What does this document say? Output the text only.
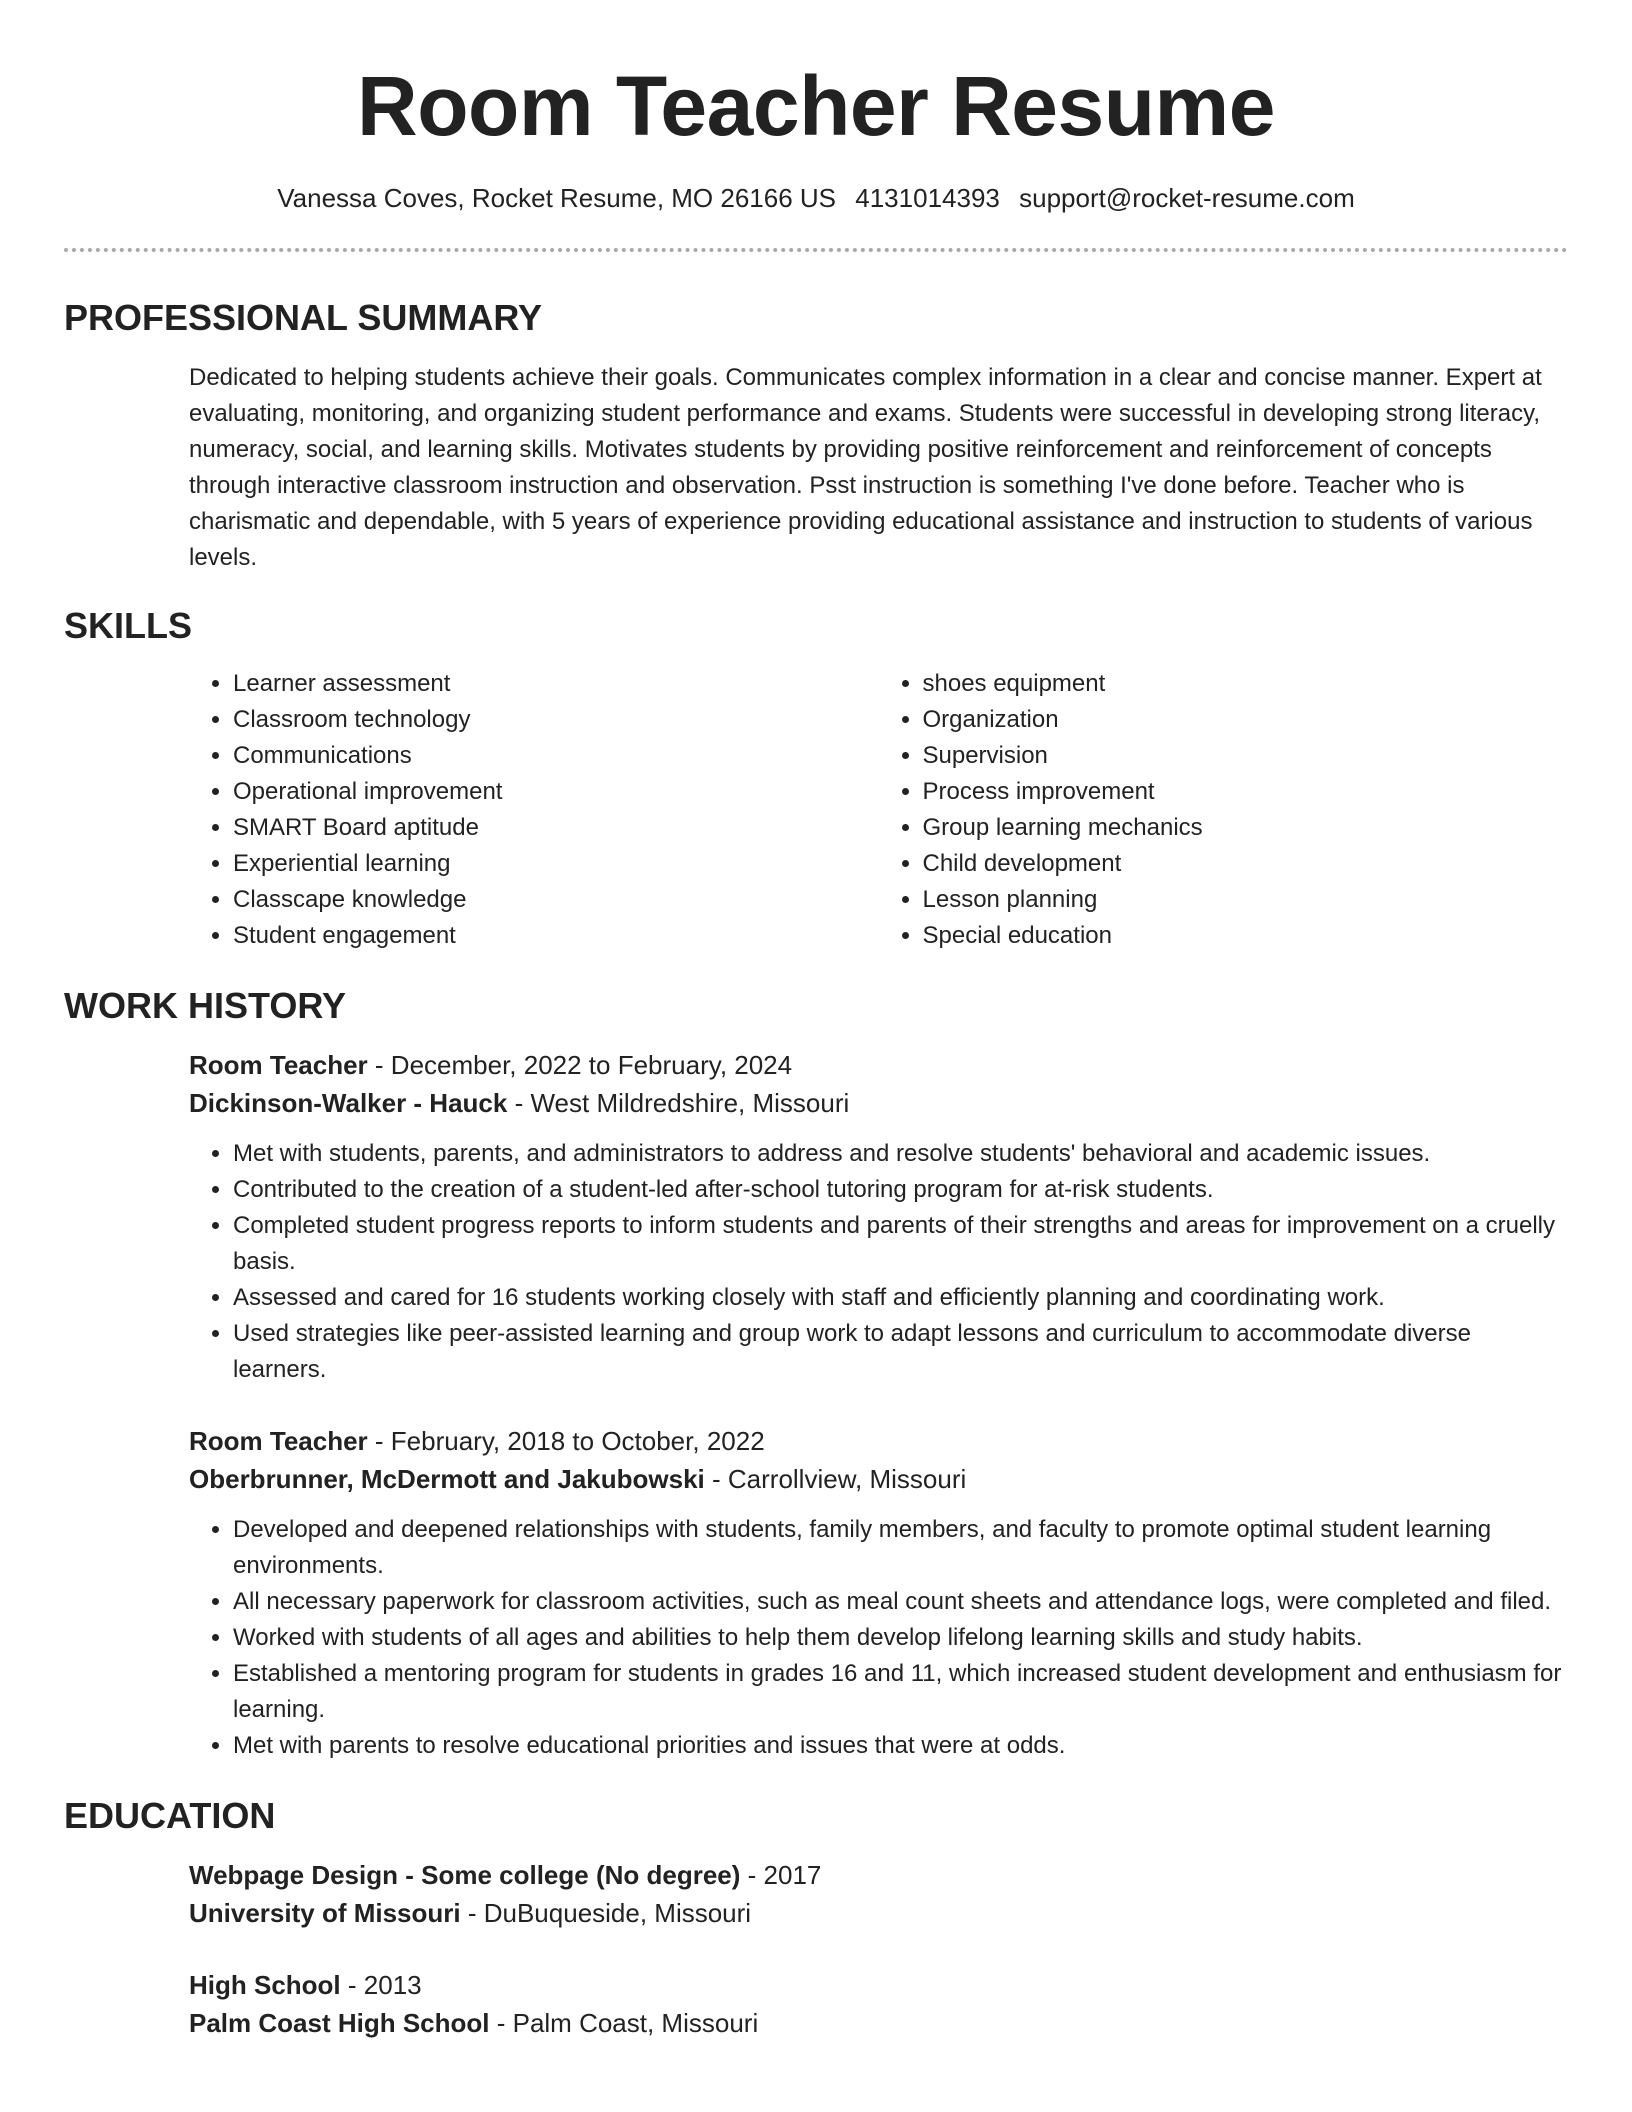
Room Teacher Resume
Vanessa Coves, Rocket Resume, MO 26166 US 4131014393 support@rocket-resume.com
PROFESSIONAL SUMMARY

Dedicated to helping students achieve their goals. Communicates complex information in a clear and concise manner. Expert at evaluating, monitoring, and organizing student performance and exams. Students were successful in developing strong literacy, numeracy, social, and learning skills. Motivates students by providing positive reinforcement and reinforcement of concepts through interactive classroom instruction and observation. Psst instruction is something I've done before. Teacher who is charismatic and dependable, with 5 years of experience providing educational assistance and instruction to students of various levels.

SKILLS
• Learner assessment
• Classroom technology
• Communications
• Operational improvement
• SMART Board aptitude
• Experiential learning
• Classcape knowledge
• Student engagement
• shoes equipment
• Organization
• Supervision
• Process improvement
• Group learning mechanics
• Child development
• Lesson planning
• Special education
WORK HISTORY
Room Teacher - December, 2022 to February, 2024
Dickinson-Walker - Hauck - West Mildredshire, Missouri
• Met with students, parents, and administrators to address and resolve students' behavioral and academic issues.
• Contributed to the creation of a student-led after-school tutoring program for at-risk students.
• Completed student progress reports to inform students and parents of their strengths and areas for improvement on a cruelly basis.
• Assessed and cared for 16 students working closely with staff and efficiently planning and coordinating work.
• Used strategies like peer-assisted learning and group work to adapt lessons and curriculum to accommodate diverse learners.
Room Teacher - February, 2018 to October, 2022
Oberbrunner, McDermott and Jakubowski - Carrollview, Missouri
• Developed and deepened relationships with students, family members, and faculty to promote optimal student learning environments.
• All necessary paperwork for classroom activities, such as meal count sheets and attendance logs, were completed and filed.
• Worked with students of all ages and abilities to help them develop lifelong learning skills and study habits.
• Established a mentoring program for students in grades 16 and 11, which increased student development and enthusiasm for learning.
• Met with parents to resolve educational priorities and issues that were at odds.
EDUCATION
Webpage Design - Some college (No degree) - 2017
University of Missouri - DuBuqueside, Missouri
High School - 2013
Palm Coast High School - Palm Coast, Missouri
